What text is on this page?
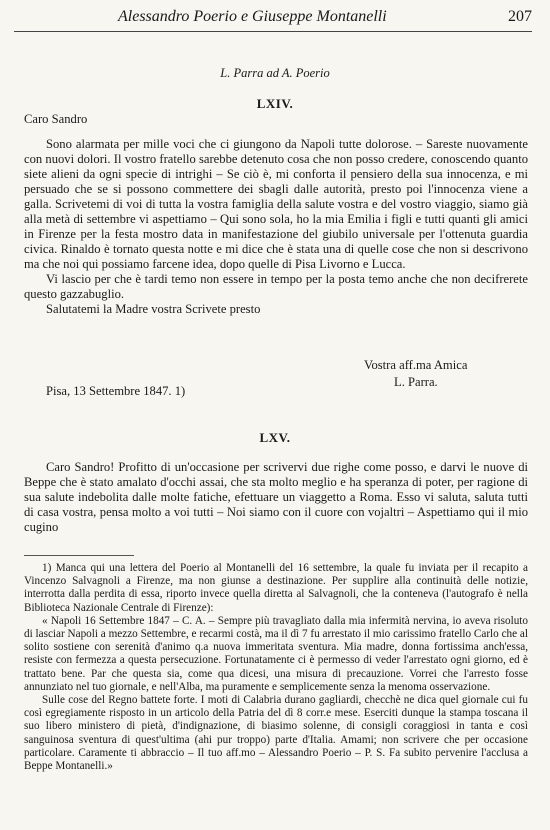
Alessandro Poerio e Giuseppe Montanelli	207
L. Parra ad A. Poerio
LXIV.

Caro Sandro

Sono alarmata per mille voci che ci giungono da Napoli tutte dolorose. – Sareste nuovamente con nuovi dolori. Il vostro fratello sarebbe detenuto cosa che non posso credere, conoscendo quanto siete alieni da ogni specie di intrighi – Se ciò è, mi conforta il pensiero della sua innocenza, e mi persuado che se si possono commettere dei sbagli dalle autorità, presto poi l'innocenza viene a galla. Scrivetemi di voi di tutta la vostra famiglia della salute vostra e del vostro viaggio, siamo già alla metà di settembre vi aspettiamo – Qui sono sola, ho la mia Emilia i figli e tutti quanti gli amici in Firenze per la festa mostro data in manifestazione del giubilo universale per l'ottenuta guardia civica. Rinaldo è tornato questa notte e mi dice che è stata una di quelle cose che non si descrivono ma che noi qui possiamo farcene idea, dopo quelle di Pisa Livorno e Lucca.

Vi lascio per che è tardi temo non essere in tempo per la posta temo anche che non decifrerete questo gazzabuglio.

Salutatemi la Madre vostra Scrivete presto

Vostra aff.ma Amica
L. Parra.
Pisa, 13 Settembre 1847. 1)
LXV.

Caro Sandro! Profitto di un'occasione per scrivervi due righe come posso, e darvi le nuove di Beppe che è stato amalato d'occhi assai, che sta molto meglio e ha speranza di poter, per ragione di sua salute indebolita dalle molte fatiche, efettuare un viaggetto a Roma. Esso vi saluta, saluta tutti di casa vostra, pensa molto a voi tutti – Noi siamo con il cuore con vojaltri – Aspettiamo qui il mio cugino

1) Manca qui una lettera del Poerio al Montanelli del 16 settembre, la quale fu inviata per il recapito a Vincenzo Salvagnoli a Firenze, ma non giunse a destinazione. Per supplire alla continuità delle notizie, interrotta dalla perdita di essa, riporto invece quella diretta al Salvagnoli, che la conteneva (l'autografo è nella Biblioteca Nazionale Centrale di Firenze):

« Napoli 16 Settembre 1847 – C. A. – Sempre più travagliato dalla mia infermità nervina, io aveva risoluto di lasciar Napoli a mezzo Settembre, e recarmi costà, ma il dì 7 fu arrestato il mio carissimo fratello Carlo che al solito sostiene con serenità d'animo q.a nuova immeritata sventura. Mia madre, donna fortissima anch'essa, resiste con fermezza a questa persecuzione. Fortunatamente ci è permesso di veder l'arrestato ogni giorno, ed è trattato bene. Par che questa sia, come qua dicesi, una misura di precauzione. Vorrei che l'arresto fosse annunziato nel tuo giornale, e nell'Alba, ma puramente e semplicemente senza la menoma osservazione.

Sulle cose del Regno battete forte. I moti di Calabria durano gagliardi, checchè ne dica quel giornale cui fu così egregiamente risposto in un articolo della Patria del dì 8 corr.e mese. Eserciti dunque la stampa toscana il suo libero ministero di pietà, d'indignazione, di biasimo solenne, di consigli coraggiosi in tanta e così sanguinosa sventura di quest'ultima (ahi pur troppo) parte d'Italia. Amami; non scrivere che per occasione particolare. Caramente ti abbraccio – Il tuo aff.mo – Alessandro Poerio – P. S. Fa subito pervenire l'acclusa a Beppe Montanelli.»
